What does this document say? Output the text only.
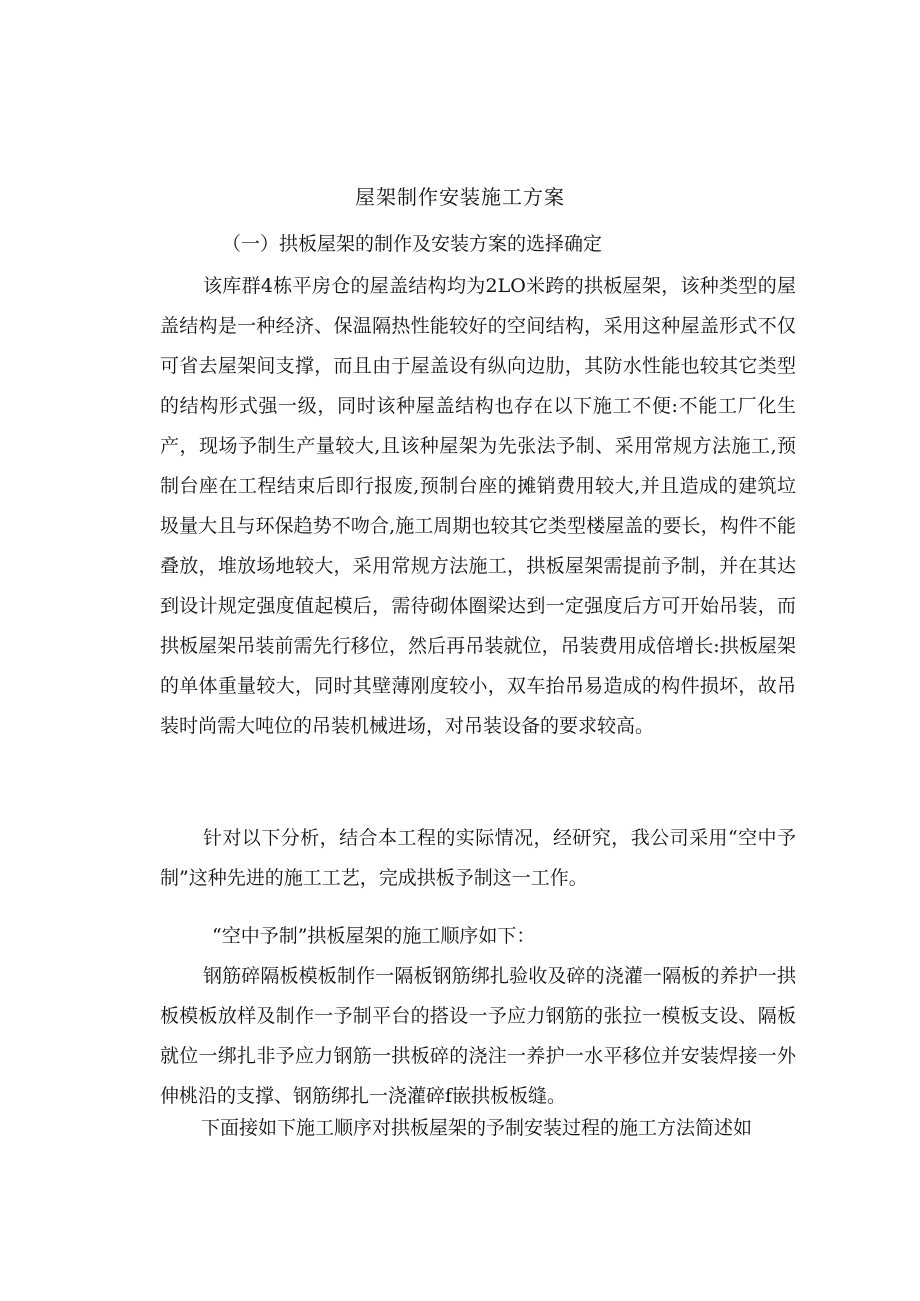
屋架制作安装施工方案
（一）拱板屋架的制作及安装方案的选择确定

该库群4栋平房仓的屋盖结构均为2LO米跨的拱板屋架，该种类型的屋盖结构是一种经济、保温隔热性能较好的空间结构，采用这种屋盖形式不仅可省去屋架间支撑，而且由于屋盖设有纵向边肋，其防水性能也较其它类型的结构形式强一级，同时该种屋盖结构也存在以下施工不便:不能工厂化生产，现场予制生产量较大,且该种屋架为先张法予制、采用常规方法施工,预制台座在工程结束后即行报废,预制台座的摊销费用较大,并且造成的建筑垃圾量大且与环保趋势不吻合,施工周期也较其它类型楼屋盖的要长，构件不能叠放，堆放场地较大，采用常规方法施工，拱板屋架需提前予制，并在其达到设计规定强度值起模后，需待砌体圈梁达到一定强度后方可开始吊装，而拱板屋架吊装前需先行移位，然后再吊装就位，吊装费用成倍增长:拱板屋架的单体重量较大，同时其壁薄刚度较小，双车抬吊易造成的构件损坏，故吊装时尚需大吨位的吊装机械进场，对吊装设备的要求较高。

针对以下分析，结合本工程的实际情况，经研究，我公司采用“空中予制”这种先进的施工工艺，完成拱板予制这一工作。

“空中予制”拱板屋架的施工顺序如下：

钢筋碎隔板模板制作一隔板钢筋绑扎验收及碎的浇灌一隔板的养护一拱板模板放样及制作一予制平台的搭设一予应力钢筋的张拉一模板支设、隔板就位一绑扎非予应力钢筋一拱板碎的浇注一养护一水平移位并安装焊接一外伸桃沿的支撑、钢筋绑扎一浇灌碎f嵌拱板板缝。

下面接如下施工顺序对拱板屋架的予制安装过程的施工方法简述如
